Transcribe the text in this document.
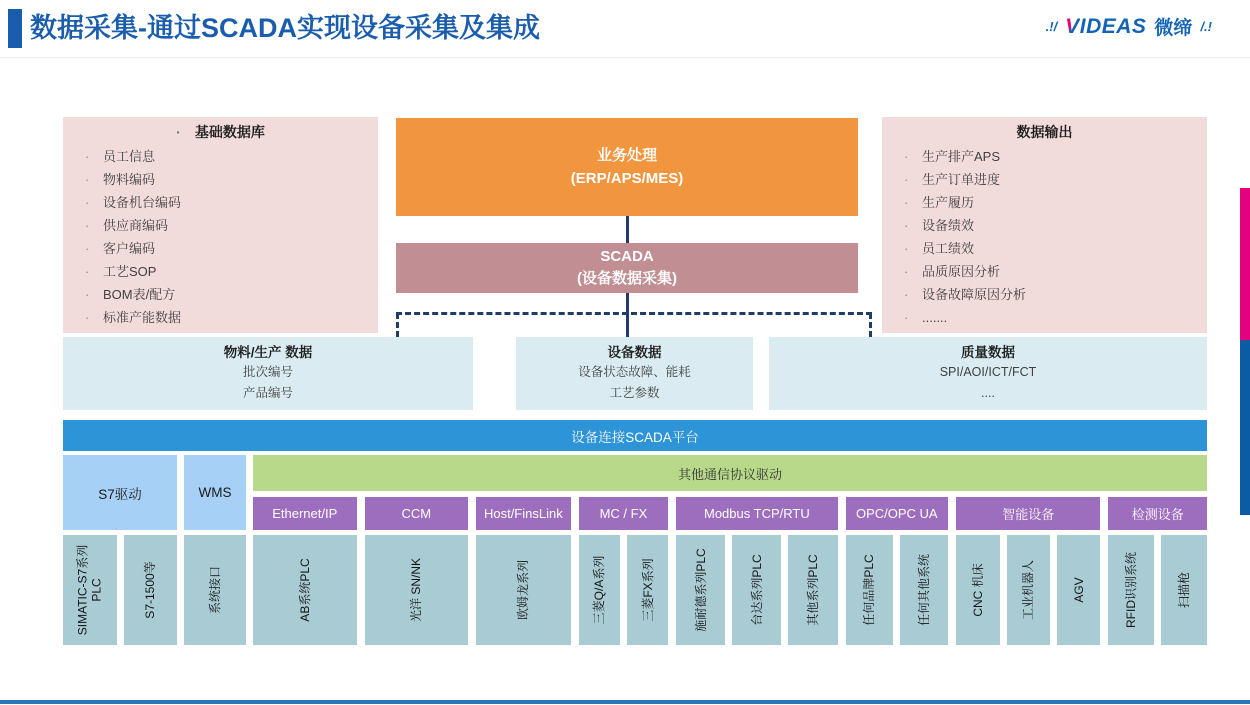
数据采集-通过SCADA实现设备采集及集成	.!/ VIDEAS 微缔 /.!
· 基础数据库
· 员工信息
· 物料编码
· 设备机台编码
· 供应商编码
· 客户编码
· 工艺SOP
· BOM表/配方
· 标准产能数据
数据输出
· 生产排产APS
· 生产订单进度
· 生产履历
· 设备绩效
· 员工绩效
· 品质原因分析
· 设备故障原因分析
· .......
业务处理
(ERP/APS/MES)
SCADA
(设备数据采集)
物料/生产 数据
批次编号
产品编号
设备数据
设备状态故障、能耗
工艺参数
质量数据
SPI/AOI/ICT/FCT
....
设备连接SCADA平台
S7驱动
SIMATIC-S7系列PLC	S7-1500等
WMS
系统接口
其他通信协议驱动
Ethernet/IP
AB系统PLC
CCM
光洋 SN/NK
Host/FinsLink
欧姆龙系列
MC / FX
三菱Q/A系列	三菱FX系列
Modbus TCP/RTU
施耐德系列PLC	台达系列PLC	其他系列PLC
OPC/OPC UA
任何品牌PLC	任何其他系统
智能设备
CNC 机床	工业机器人	AGV
检测设备
RFID识别系统	扫描枪
